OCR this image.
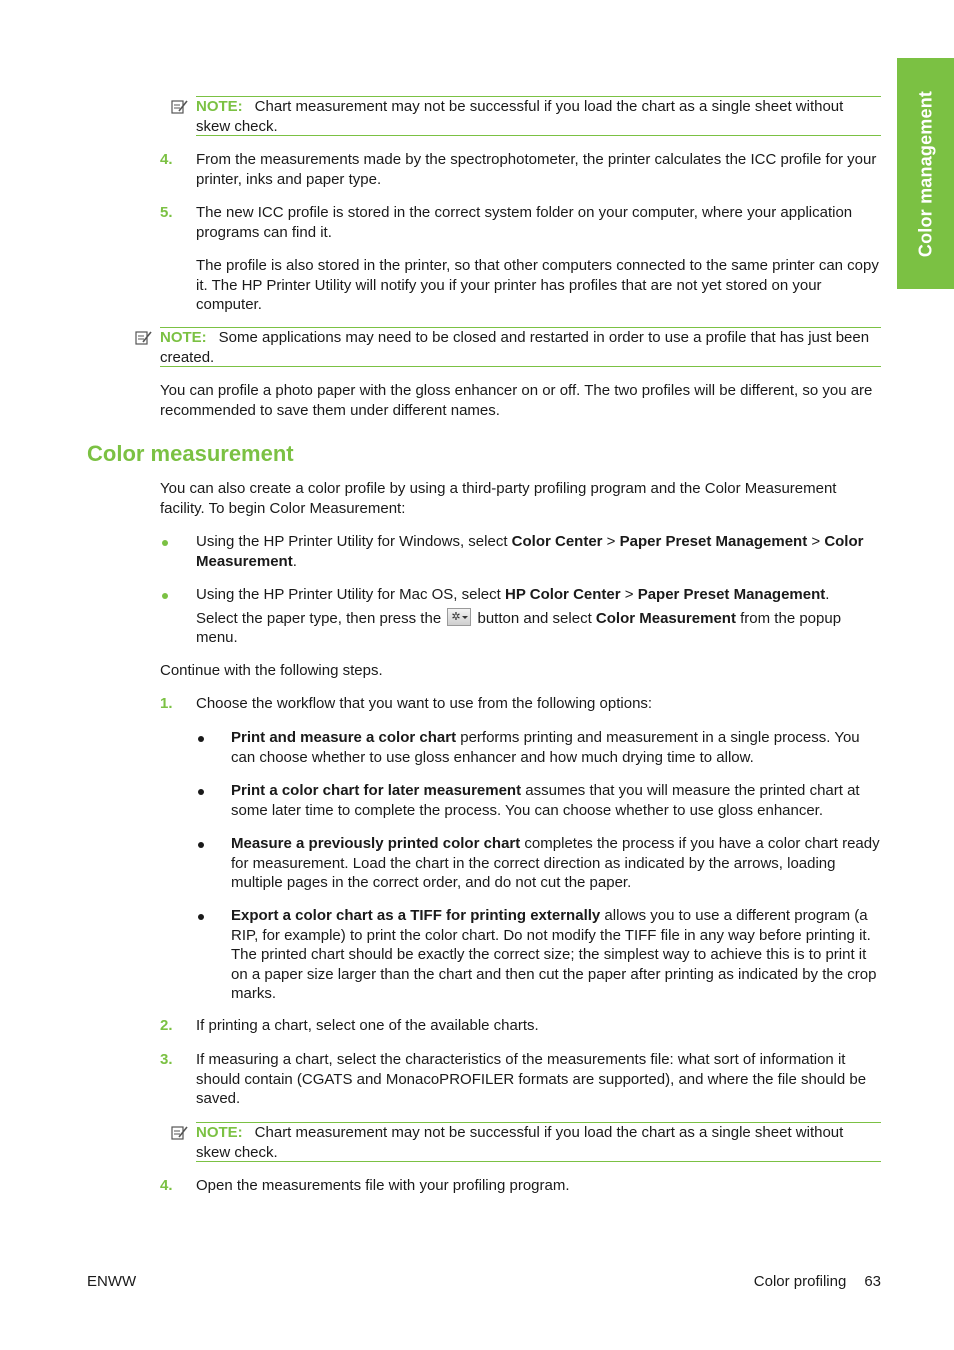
Color management
NOTE: Chart measurement may not be successful if you load the chart as a single sheet without skew check.
4. From the measurements made by the spectrophotometer, the printer calculates the ICC profile for your printer, inks and paper type.
5. The new ICC profile is stored in the correct system folder on your computer, where your application programs can find it.
The profile is also stored in the printer, so that other computers connected to the same printer can copy it. The HP Printer Utility will notify you if your printer has profiles that are not yet stored on your computer.
NOTE: Some applications may need to be closed and restarted in order to use a profile that has just been created.
You can profile a photo paper with the gloss enhancer on or off. The two profiles will be different, so you are recommended to save them under different names.
Color measurement
You can also create a color profile by using a third-party profiling program and the Color Measurement facility. To begin Color Measurement:
Using the HP Printer Utility for Windows, select Color Center > Paper Preset Management > Color Measurement.
Using the HP Printer Utility for Mac OS, select HP Color Center > Paper Preset Management.
Select the paper type, then press the ✲ button and select Color Measurement from the popup menu.
Continue with the following steps.
1. Choose the workflow that you want to use from the following options:
Print and measure a color chart performs printing and measurement in a single process. You can choose whether to use gloss enhancer and how much drying time to allow.
Print a color chart for later measurement assumes that you will measure the printed chart at some later time to complete the process. You can choose whether to use gloss enhancer.
Measure a previously printed color chart completes the process if you have a color chart ready for measurement. Load the chart in the correct direction as indicated by the arrows, loading multiple pages in the correct order, and do not cut the paper.
Export a color chart as a TIFF for printing externally allows you to use a different program (a RIP, for example) to print the color chart. Do not modify the TIFF file in any way before printing it. The printed chart should be exactly the correct size; the simplest way to achieve this is to print it on a paper size larger than the chart and then cut the paper after printing as indicated by the crop marks.
2. If printing a chart, select one of the available charts.
3. If measuring a chart, select the characteristics of the measurements file: what sort of information it should contain (CGATS and MonacoPROFILER formats are supported), and where the file should be saved.
NOTE: Chart measurement may not be successful if you load the chart as a single sheet without skew check.
4. Open the measurements file with your profiling program.
ENWW	Color profiling 63
